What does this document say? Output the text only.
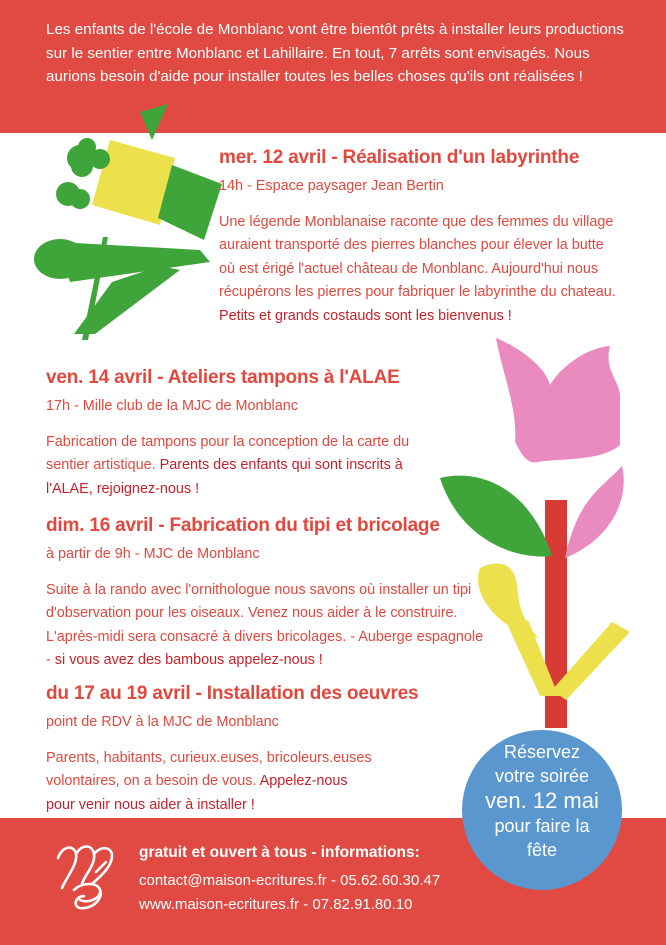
Les enfants de l'école de Monblanc vont être bientôt prêts à installer leurs productions sur le sentier entre Monblanc et Lahillaire. En tout, 7 arrêts sont envisagés. Nous aurions besoin d'aide pour installer toutes les belles choses qu'ils ont réalisées !
mer. 12 avril - Réalisation d'un labyrinthe
14h - Espace paysager Jean Bertin
Une légende Monblanaise raconte que des femmes du village auraient transporté des pierres blanches pour élever la butte où est érigé l'actuel château de Monblanc. Aujourd'hui nous récupérons les pierres pour fabriquer le labyrinthe du chateau. Petits et grands costauds sont les bienvenus !
ven. 14 avril - Ateliers tampons à l'ALAE
17h - Mille club de la MJC de Monblanc
Fabrication de tampons pour la conception de la carte du sentier artistique. Parents des enfants qui sont inscrits à l'ALAE, rejoignez-nous !
dim. 16 avril - Fabrication du tipi et bricolage
à partir de 9h - MJC de Monblanc
Suite à la rando avec l'ornithologue nous savons où installer un tipi d'observation pour les oiseaux. Venez nous aider à le construire. L'après-midi sera consacré à divers bricolages. - Auberge espagnole - si vous avez des bambous appelez-nous !
du 17 au 19 avril - Installation des oeuvres
point de RDV à la MJC de Monblanc
Parents, habitants, curieux.euses, bricoleurs.euses volontaires, on a besoin de vous. Appelez-nous pour venir nous aider à installer !
Réservez
votre soirée
ven. 12 mai
pour faire la
fête
gratuit et ouvert à tous - informations:
contact@maison-ecritures.fr - 05.62.60.30.47
www.maison-ecritures.fr - 07.82.91.80.10
